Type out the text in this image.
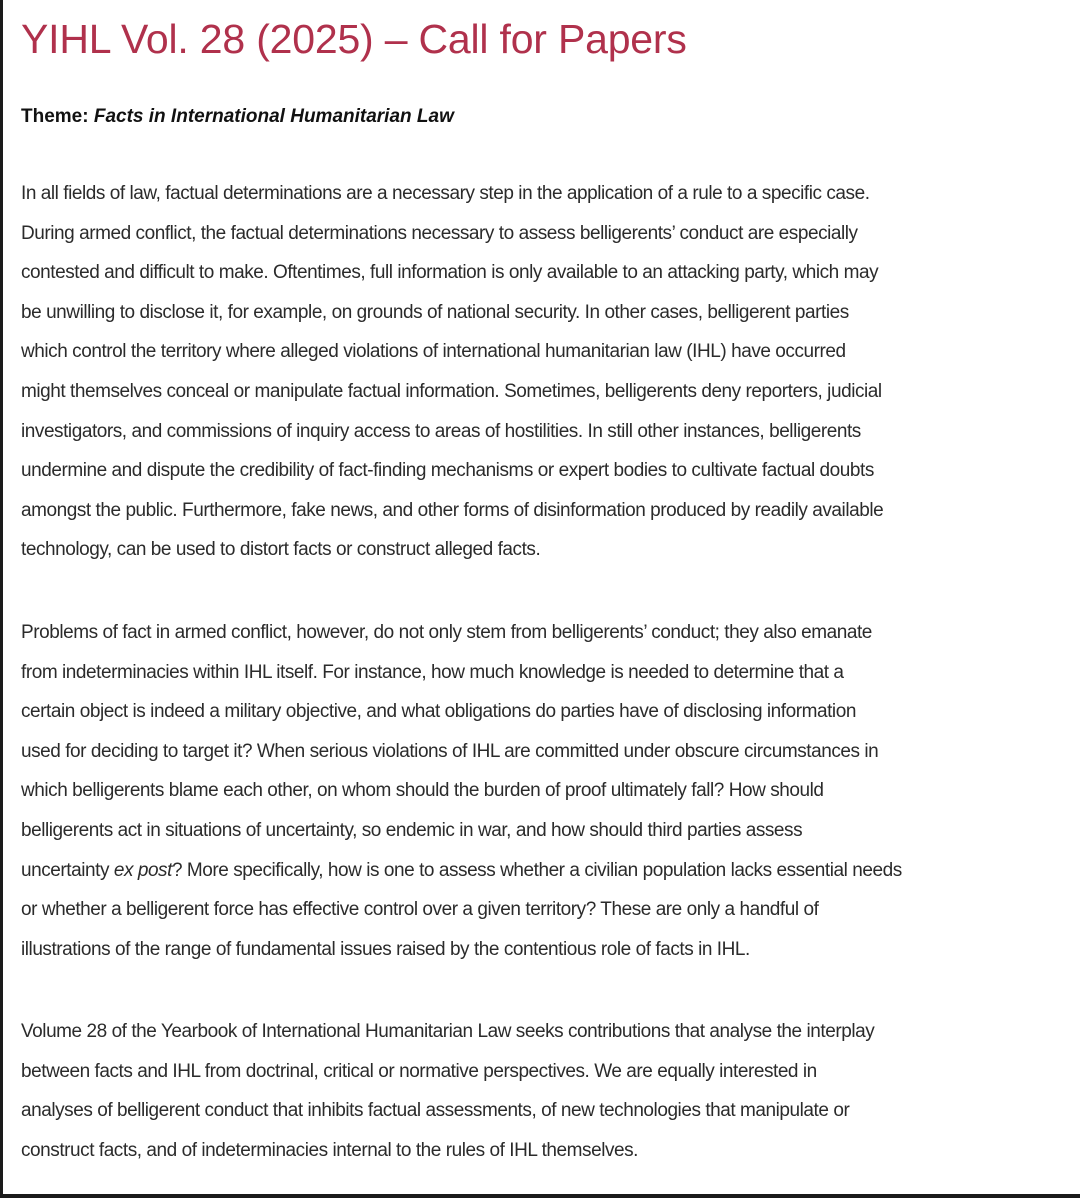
YIHL Vol. 28 (2025) – Call for Papers

Theme: Facts in International Humanitarian Law

In all fields of law, factual determinations are a necessary step in the application of a rule to a specific case.
During armed conflict, the factual determinations necessary to assess belligerents’ conduct are especially
contested and difficult to make. Oftentimes, full information is only available to an attacking party, which may
be unwilling to disclose it, for example, on grounds of national security. In other cases, belligerent parties
which control the territory where alleged violations of international humanitarian law (IHL) have occurred
might themselves conceal or manipulate factual information. Sometimes, belligerents deny reporters, judicial
investigators, and commissions of inquiry access to areas of hostilities. In still other instances, belligerents
undermine and dispute the credibility of fact-finding mechanisms or expert bodies to cultivate factual doubts
amongst the public. Furthermore, fake news, and other forms of disinformation produced by readily available
technology, can be used to distort facts or construct alleged facts.

Problems of fact in armed conflict, however, do not only stem from belligerents’ conduct; they also emanate
from indeterminacies within IHL itself. For instance, how much knowledge is needed to determine that a
certain object is indeed a military objective, and what obligations do parties have of disclosing information
used for deciding to target it? When serious violations of IHL are committed under obscure circumstances in
which belligerents blame each other, on whom should the burden of proof ultimately fall? How should
belligerents act in situations of uncertainty, so endemic in war, and how should third parties assess
uncertainty ex post? More specifically, how is one to assess whether a civilian population lacks essential needs
or whether a belligerent force has effective control over a given territory? These are only a handful of
illustrations of the range of fundamental issues raised by the contentious role of facts in IHL.

Volume 28 of the Yearbook of International Humanitarian Law seeks contributions that analyse the interplay
between facts and IHL from doctrinal, critical or normative perspectives. We are equally interested in
analyses of belligerent conduct that inhibits factual assessments, of new technologies that manipulate or
construct facts, and of indeterminacies internal to the rules of IHL themselves.
